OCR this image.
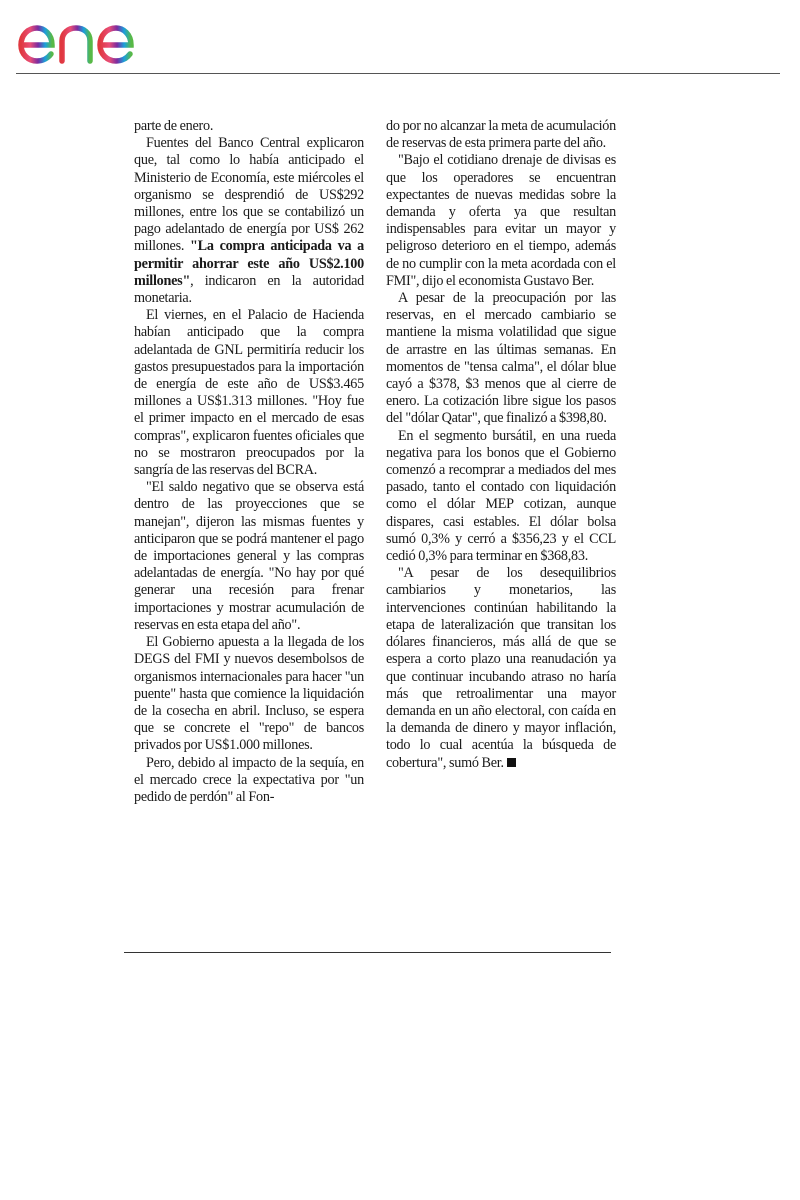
parte de enero.

Fuentes del Banco Central explicaron que, tal como lo había anticipado el Ministerio de Economía, este miércoles el organismo se desprendió de US$292 millones, entre los que se contabilizó un pago adelantado de energía por US$ 262 millones. "La compra anticipada va a permitir ahorrar este año US$2.100 millones", indicaron en la autoridad monetaria.

El viernes, en el Palacio de Hacienda habían anticipado que la compra adelantada de GNL permitiría reducir los gastos presupuestados para la importación de energía de este año de US$3.465 millones a US$1.313 millones. "Hoy fue el primer impacto en el mercado de esas compras", explicaron fuentes oficiales que no se mostraron preocupados por la sangría de las reservas del BCRA.

"El saldo negativo que se observa está dentro de las proyecciones que se manejan", dijeron las mismas fuentes y anticiparon que se podrá mantener el pago de importaciones general y las compras adelantadas de energía. "No hay por qué generar una recesión para frenar importaciones y mostrar acumulación de reservas en esta etapa del año".

El Gobierno apuesta a la llegada de los DEGS del FMI y nuevos desembolsos de organismos internacionales para hacer "un puente" hasta que comience la liquidación de la cosecha en abril. Incluso, se espera que se concrete el "repo" de bancos privados por US$1.000 millones.

Pero, debido al impacto de la sequía, en el mercado crece la expectativa por "un pedido de perdón" al Fon-

do por no alcanzar la meta de acumulación de reservas de esta primera parte del año.

"Bajo el cotidiano drenaje de divisas es que los operadores se encuentran expectantes de nuevas medidas sobre la demanda y oferta ya que resultan indispensables para evitar un mayor y peligroso deterioro en el tiempo, además de no cumplir con la meta acordada con el FMI", dijo el economista Gustavo Ber.

A pesar de la preocupación por las reservas, en el mercado cambiario se mantiene la misma volatilidad que sigue de arrastre en las últimas semanas. En momentos de "tensa calma", el dólar blue cayó a $378, $3 menos que al cierre de enero. La cotización libre sigue los pasos del "dólar Qatar", que finalizó a $398,80.

En el segmento bursátil, en una rueda negativa para los bonos que el Gobierno comenzó a recomprar a mediados del mes pasado, tanto el contado con liquidación como el dólar MEP cotizan, aunque dispares, casi estables. El dólar bolsa sumó 0,3% y cerró a $356,23 y el CCL cedió 0,3% para terminar en $368,83.

"A pesar de los desequilibrios cambiarios y monetarios, las intervenciones continúan habilitando la etapa de lateralización que transitan los dólares financieros, más allá de que se espera a corto plazo una reanudación ya que continuar incubando atraso no haría más que retroalimentar una mayor demanda en un año electoral, con caída en la demanda de dinero y mayor inflación, todo lo cual acentúa la búsqueda de cobertura", sumó Ber.
